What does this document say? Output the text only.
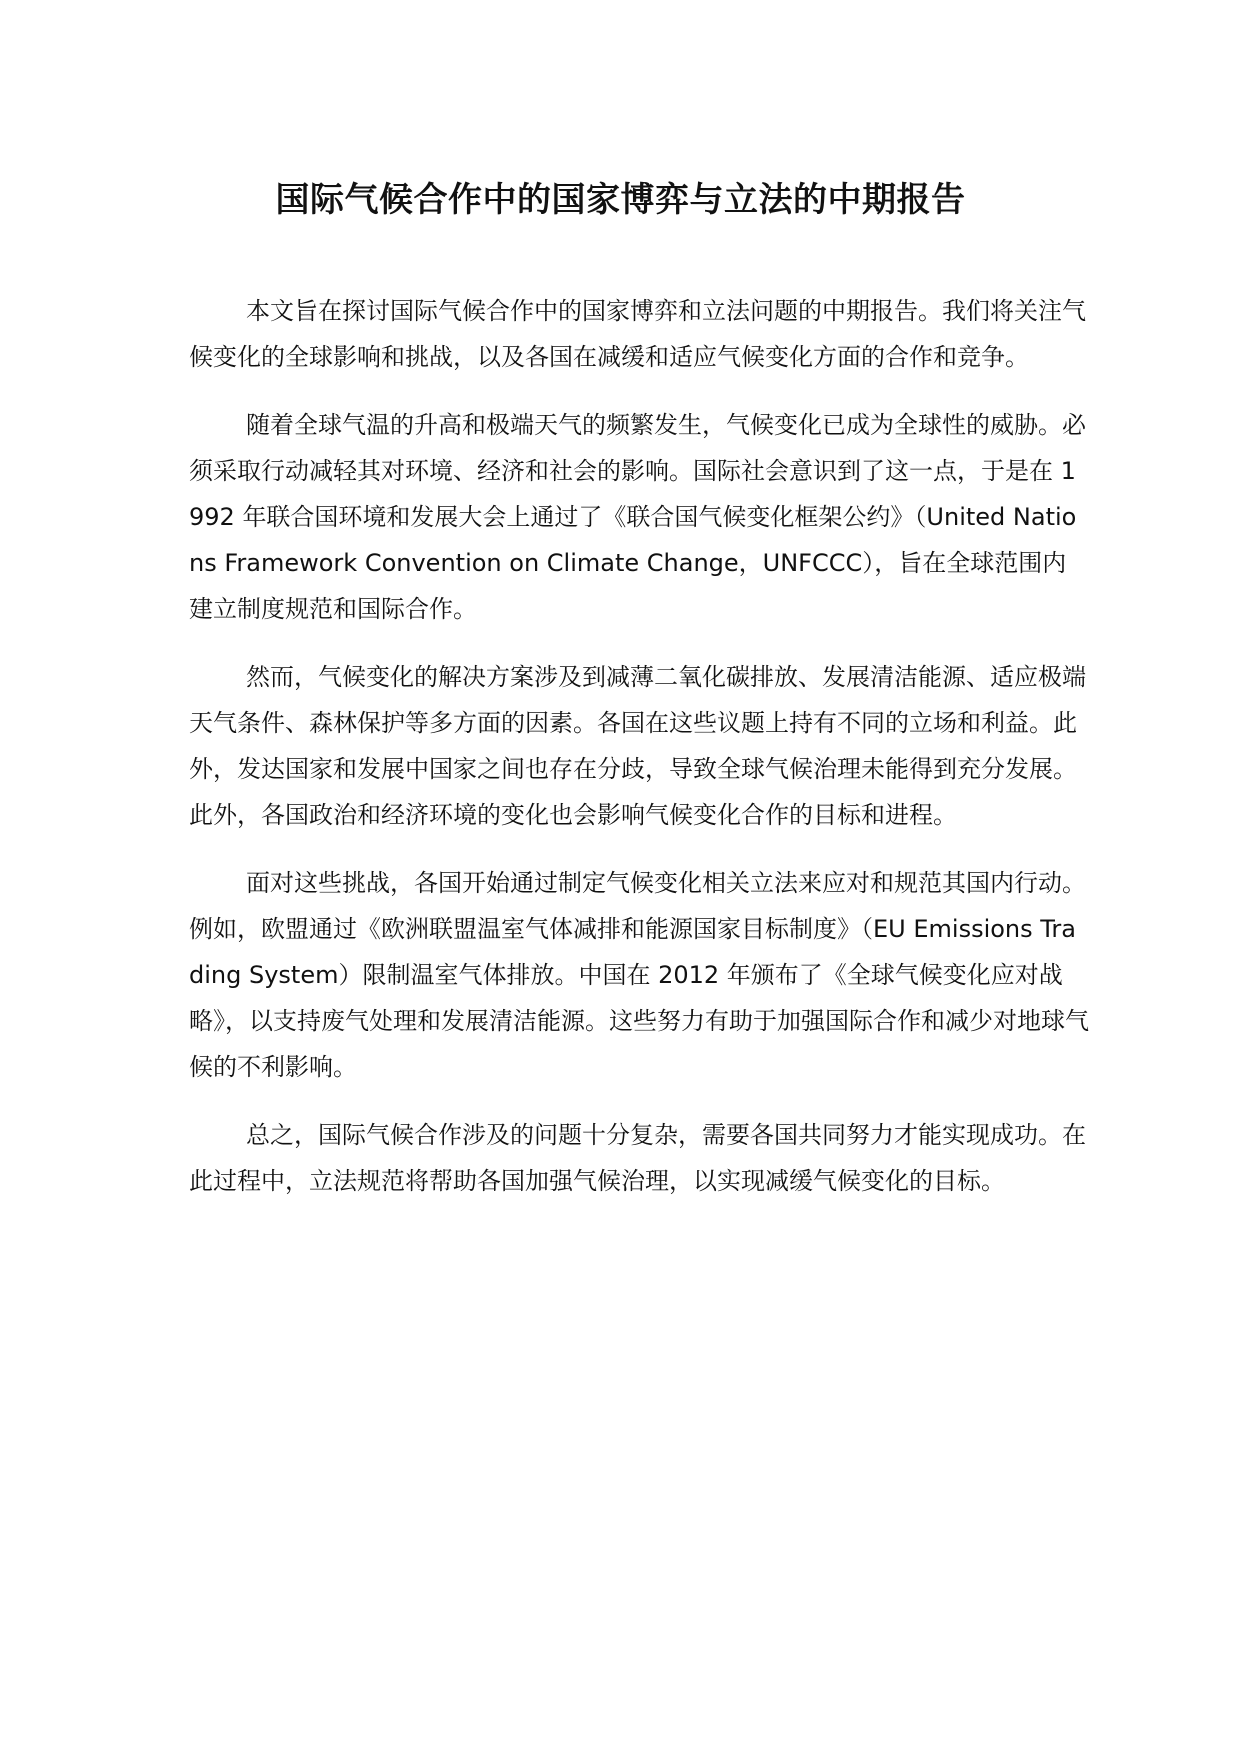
国际气候合作中的国家博弈与立法的中期报告

本文旨在探讨国际气候合作中的国家博弈和立法问题的中期报告。我们将关注气候变化的全球影响和挑战，以及各国在减缓和适应气候变化方面的合作和竞争。

随着全球气温的升高和极端天气的频繁发生，气候变化已成为全球性的威胁。必须采取行动减轻其对环境、经济和社会的影响。国际社会意识到了这一点，于是在 1992 年联合国环境和发展大会上通过了《联合国气候变化框架公约》（United Nations Framework Convention on Climate Change，UNFCCC），旨在全球范围内建立制度规范和国际合作。

然而，气候变化的解决方案涉及到减薄二氧化碳排放、发展清洁能源、适应极端天气条件、森林保护等多方面的因素。各国在这些议题上持有不同的立场和利益。此外，发达国家和发展中国家之间也存在分歧，导致全球气候治理未能得到充分发展。此外，各国政治和经济环境的变化也会影响气候变化合作的目标和进程。

面对这些挑战，各国开始通过制定气候变化相关立法来应对和规范其国内行动。例如，欧盟通过《欧洲联盟温室气体减排和能源国家目标制度》（EU Emissions Trading System）限制温室气体排放。中国在 2012 年颁布了《全球气候变化应对战略》，以支持废气处理和发展清洁能源。这些努力有助于加强国际合作和减少对地球气候的不利影响。

总之，国际气候合作涉及的问题十分复杂，需要各国共同努力才能实现成功。在此过程中，立法规范将帮助各国加强气候治理，以实现减缓气候变化的目标。
